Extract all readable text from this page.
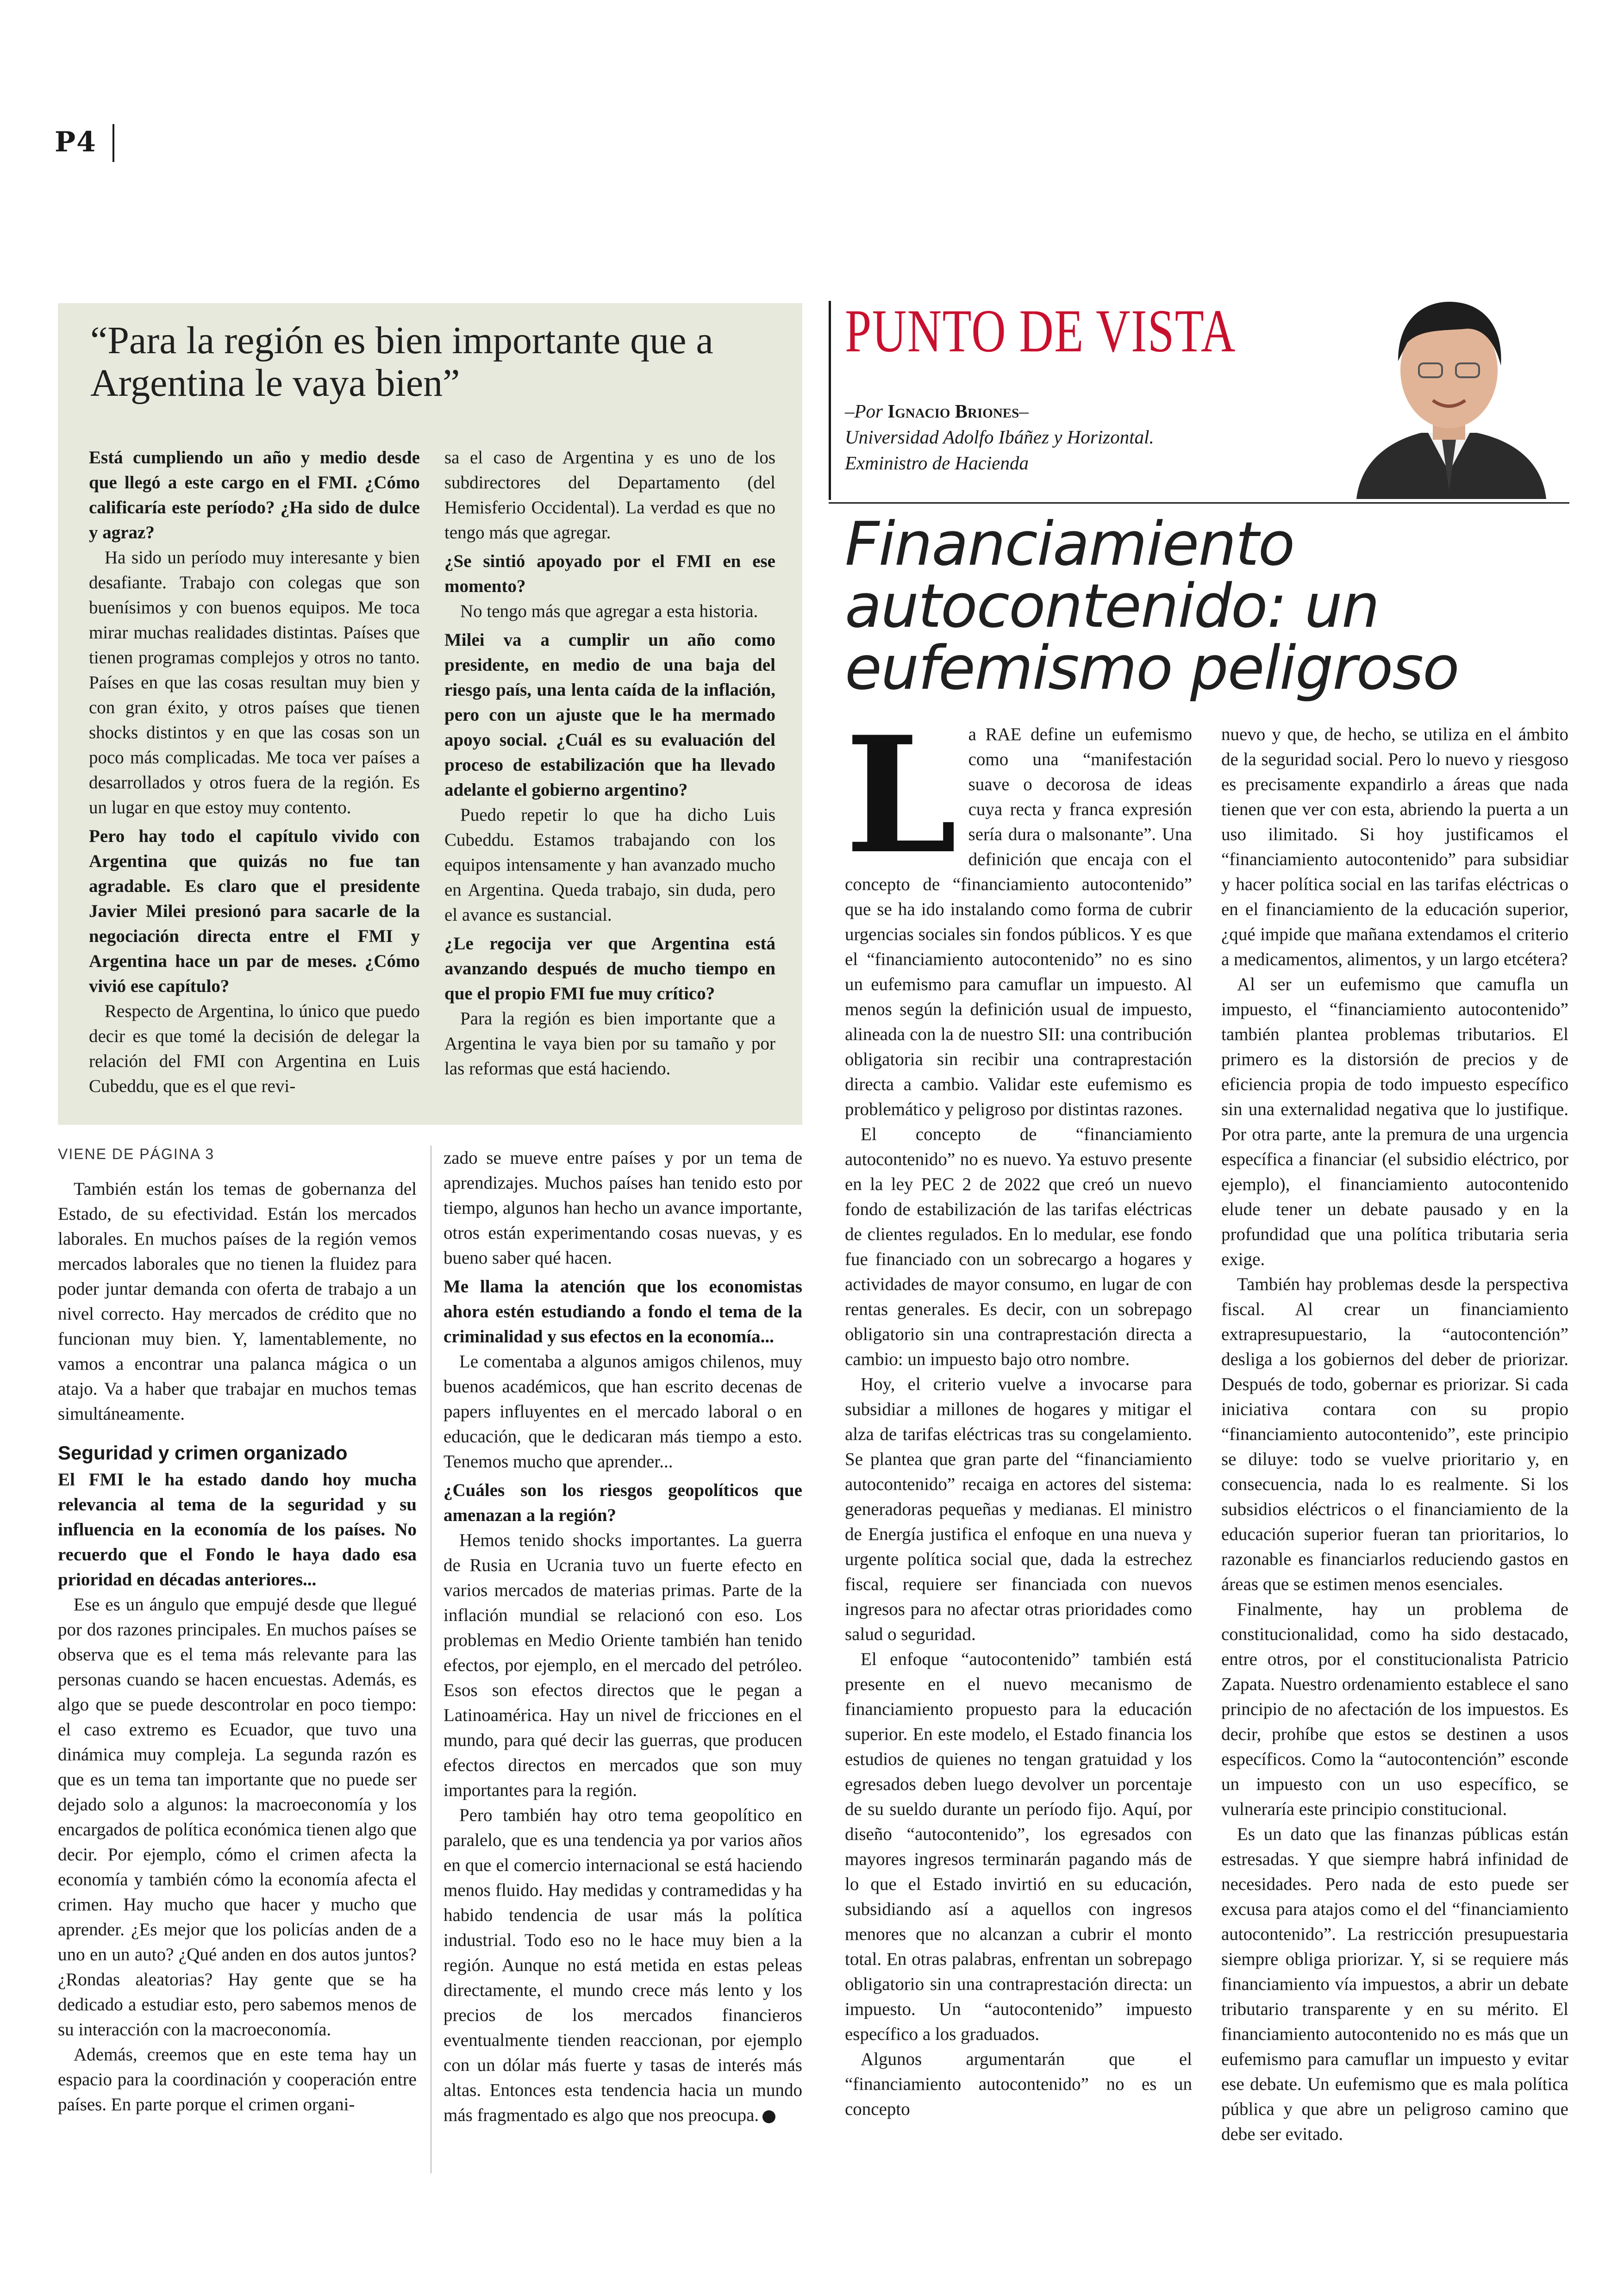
P4
“Para la región es bien importante que a Argentina le vaya bien”

Está cumpliendo un año y medio desde que llegó a este cargo en el FMI. ¿Cómo calificaría este período? ¿Ha sido de dulce y agraz?

Ha sido un período muy interesante y bien desafiante. Trabajo con colegas que son buenísimos y con buenos equipos. Me toca mirar muchas realidades distintas. Países que tienen programas complejos y otros no tanto. Países en que las cosas resultan muy bien y con gran éxito, y otros países que tienen shocks distintos y en que las cosas son un poco más complicadas. Me toca ver países a desarrollados y otros fuera de la región. Es un lugar en que estoy muy contento.

Pero hay todo el capítulo vivido con Argentina que quizás no fue tan agradable. Es claro que el presidente Javier Milei presionó para sacarle de la negociación directa entre el FMI y Argentina hace un par de meses. ¿Cómo vivió ese capítulo?

Respecto de Argentina, lo único que puedo decir es que tomé la decisión de delegar la relación del FMI con Argentina en Luis Cubeddu, que es el que revi-

sa el caso de Argentina y es uno de los subdirectores del Departamento (del Hemisferio Occidental). La verdad es que no tengo más que agregar.

¿Se sintió apoyado por el FMI en ese momento?

No tengo más que agregar a esta historia.

Milei va a cumplir un año como presidente, en medio de una baja del riesgo país, una lenta caída de la inflación, pero con un ajuste que le ha mermado apoyo social. ¿Cuál es su evaluación del proceso de estabilización que ha llevado adelante el gobierno argentino?

Puedo repetir lo que ha dicho Luis Cubeddu. Estamos trabajando con los equipos intensamente y han avanzado mucho en Argentina. Queda trabajo, sin duda, pero el avance es sustancial.

¿Le regocija ver que Argentina está avanzando después de mucho tiempo en que el propio FMI fue muy crítico?

Para la región es bien importante que a Argentina le vaya bien por su tamaño y por las reformas que está haciendo.

VIENE DE PÁGINA 3

También están los temas de gobernanza del Estado, de su efectividad. Están los mercados laborales. En muchos países de la región vemos mercados laborales que no tienen la fluidez para poder juntar demanda con oferta de trabajo a un nivel correcto. Hay mercados de crédito que no funcionan muy bien. Y, lamentablemente, no vamos a encontrar una palanca mágica o un atajo. Va a haber que trabajar en muchos temas simultáneamente.

Seguridad y crimen organizado

El FMI le ha estado dando hoy mucha relevancia al tema de la seguridad y su influencia en la economía de los países. No recuerdo que el Fondo le haya dado esa prioridad en décadas anteriores...

Ese es un ángulo que empujé desde que llegué por dos razones principales. En muchos países se observa que es el tema más relevante para las personas cuando se hacen encuestas. Además, es algo que se puede descontrolar en poco tiempo: el caso extremo es Ecuador, que tuvo una dinámica muy compleja. La segunda razón es que es un tema tan importante que no puede ser dejado solo a algunos: la macroeconomía y los encargados de política económica tienen algo que decir. Por ejemplo, cómo el crimen afecta la economía y también cómo la economía afecta el crimen. Hay mucho que hacer y mucho que aprender. ¿Es mejor que los policías anden de a uno en un auto? ¿Qué anden en dos autos juntos? ¿Rondas aleatorias? Hay gente que se ha dedicado a estudiar esto, pero sabemos menos de su interacción con la macroeconomía.

Además, creemos que en este tema hay un espacio para la coordinación y cooperación entre países. En parte porque el crimen organi-

zado se mueve entre países y por un tema de aprendizajes. Muchos países han tenido esto por tiempo, algunos han hecho un avance importante, otros están experimentando cosas nuevas, y es bueno saber qué hacen.

Me llama la atención que los economistas ahora estén estudiando a fondo el tema de la criminalidad y sus efectos en la economía...

Le comentaba a algunos amigos chilenos, muy buenos académicos, que han escrito decenas de papers influyentes en el mercado laboral o en educación, que le dedicaran más tiempo a esto. Tenemos mucho que aprender...

¿Cuáles son los riesgos geopolíticos que amenazan a la región?

Hemos tenido shocks importantes. La guerra de Rusia en Ucrania tuvo un fuerte efecto en varios mercados de materias primas. Parte de la inflación mundial se relacionó con eso. Los problemas en Medio Oriente también han tenido efectos, por ejemplo, en el mercado del petróleo. Esos son efectos directos que le pegan a Latinoamérica. Hay un nivel de fricciones en el mundo, para qué decir las guerras, que producen efectos directos en mercados que son muy importantes para la región.

Pero también hay otro tema geopolítico en paralelo, que es una tendencia ya por varios años en que el comercio internacional se está haciendo menos fluido. Hay medidas y contramedidas y ha habido tendencia de usar más la política industrial. Todo eso no le hace muy bien a la región. Aunque no está metida en estas peleas directamente, el mundo crece más lento y los precios de los mercados financieros eventualmente tienden reaccionan, por ejemplo con un dólar más fuerte y tasas de interés más altas. Entonces esta tendencia hacia un mundo más fragmentado es algo que nos preocupa.

PUNTO DE VISTA
–Por Ignacio Briones–
Universidad Adolfo Ibáñez y Horizontal.
Exministro de Hacienda
Financiamiento autocontenido: un eufemismo peligroso
L a RAE define un eufemismo como una “manifestación suave o decorosa de ideas cuya recta y franca expresión sería dura o malsonante”. Una definición que encaja con el concepto de “financiamiento autocontenido” que se ha ido instalando como forma de cubrir urgencias sociales sin fondos públicos. Y es que el “financiamiento autocontenido” no es sino un eufemismo para camuflar un impuesto. Al menos según la definición usual de impuesto, alineada con la de nuestro SII: una contribución obligatoria sin recibir una contraprestación directa a cambio. Validar este eufemismo es problemático y peligroso por distintas razones.

El concepto de “financiamiento autocontenido” no es nuevo. Ya estuvo presente en la ley PEC 2 de 2022 que creó un nuevo fondo de estabilización de las tarifas eléctricas de clientes regulados. En lo medular, ese fondo fue financiado con un sobrecargo a hogares y actividades de mayor consumo, en lugar de con rentas generales. Es decir, con un sobrepago obligatorio sin una contraprestación directa a cambio: un impuesto bajo otro nombre.

Hoy, el criterio vuelve a invocarse para subsidiar a millones de hogares y mitigar el alza de tarifas eléctricas tras su congelamiento. Se plantea que gran parte del “financiamiento autocontenido” recaiga en actores del sistema: generadoras pequeñas y medianas. El ministro de Energía justifica el enfoque en una nueva y urgente política social que, dada la estrechez fiscal, requiere ser financiada con nuevos ingresos para no afectar otras prioridades como salud o seguridad.

El enfoque “autocontenido” también está presente en el nuevo mecanismo de financiamiento propuesto para la educación superior. En este modelo, el Estado financia los estudios de quienes no tengan gratuidad y los egresados deben luego devolver un porcentaje de su sueldo durante un período fijo. Aquí, por diseño “autocontenido”, los egresados con mayores ingresos terminarán pagando más de lo que el Estado invirtió en su educación, subsidiando así a aquellos con ingresos menores que no alcanzan a cubrir el monto total. En otras palabras, enfrentan un sobrepago obligatorio sin una contraprestación directa: un impuesto. Un “autocontenido” impuesto específico a los graduados.

Algunos argumentarán que el “financiamiento autocontenido” no es un concepto

nuevo y que, de hecho, se utiliza en el ámbito de la seguridad social. Pero lo nuevo y riesgoso es precisamente expandirlo a áreas que nada tienen que ver con esta, abriendo la puerta a un uso ilimitado. Si hoy justificamos el “financiamiento autocontenido” para subsidiar y hacer política social en las tarifas eléctricas o en el financiamiento de la educación superior, ¿qué impide que mañana extendamos el criterio a medicamentos, alimentos, y un largo etcétera?

Al ser un eufemismo que camufla un impuesto, el “financiamiento autocontenido” también plantea problemas tributarios. El primero es la distorsión de precios y de eficiencia propia de todo impuesto específico sin una externalidad negativa que lo justifique. Por otra parte, ante la premura de una urgencia específica a financiar (el subsidio eléctrico, por ejemplo), el financiamiento autocontenido elude tener un debate pausado y en la profundidad que una política tributaria seria exige.

También hay problemas desde la perspectiva fiscal. Al crear un financiamiento extrapresupuestario, la “autocontención” desliga a los gobiernos del deber de priorizar. Después de todo, gobernar es priorizar. Si cada iniciativa contara con su propio “financiamiento autocontenido”, este principio se diluye: todo se vuelve prioritario y, en consecuencia, nada lo es realmente. Si los subsidios eléctricos o el financiamiento de la educación superior fueran tan prioritarios, lo razonable es financiarlos reduciendo gastos en áreas que se estimen menos esenciales.

Finalmente, hay un problema de constitucionalidad, como ha sido destacado, entre otros, por el constitucionalista Patricio Zapata. Nuestro ordenamiento establece el sano principio de no afectación de los impuestos. Es decir, prohíbe que estos se destinen a usos específicos. Como la “autocontención” esconde un impuesto con un uso específico, se vulneraría este principio constitucional.

Es un dato que las finanzas públicas están estresadas. Y que siempre habrá infinidad de necesidades. Pero nada de esto puede ser excusa para atajos como el del “financiamiento autocontenido”. La restricción presupuestaria siempre obliga priorizar. Y, si se requiere más financiamiento vía impuestos, a abrir un debate tributario transparente y en su mérito. El financiamiento autocontenido no es más que un eufemismo para camuflar un impuesto y evitar ese debate. Un eufemismo que es mala política pública y que abre un peligroso camino que debe ser evitado.
